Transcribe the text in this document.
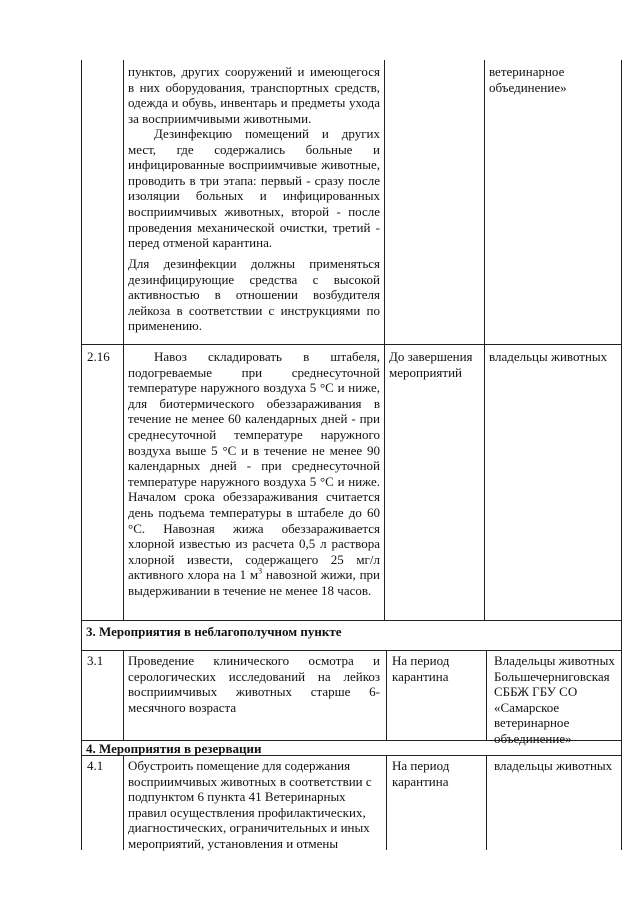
пунктов, других сооружений и имеющегося в них оборудования, транспортных средств, одежда и обувь, инвентарь и предметы ухода за восприимчивыми животными.
Дезинфекцию помещений и других мест, где содержались больные и инфицированные восприимчивые животные, проводить в три этапа: первый - сразу после изоляции больных и инфицированных восприимчивых животных, второй - после проведения механической очистки, третий - перед отменой карантина.
Для дезинфекции должны применяться дезинфицирующие средства с высокой активностью в отношении возбудителя лейкоза в соответствии с инструкциями по применению.
ветеринарное объединение»
2.16	Навоз складировать в штабеля, подогреваемые при среднесуточной температуре наружного воздуха 5 °С и ниже, для биотермического обеззараживания в течение не менее 60 календарных дней - при среднесуточной температуре наружного воздуха выше 5 °С и в течение не менее 90 календарных дней - при среднесуточной температуре наружного воздуха 5 °С и ниже. Началом срока обеззараживания считается день подъема температуры в штабеле до 60 °С. Навозная жижа обеззараживается хлорной известью из расчета 0,5 л раствора хлорной извести, содержащего 25 мг/л активного хлора на 1 $м^3$ навозной жижи, при выдерживании в течение не менее 18 часов.
До завершения мероприятий
владельцы животных
3. Мероприятия в неблагополучном пункте
3.1 Проведение клинического осмотра и серологических исследований на лейкоз восприимчивых животных старше 6-месячного возраста
На период карантина
Владельцы животных Большечерниговская СББЖ ГБУ СО «Самарское ветеринарное объединение»
4. Мероприятия в резервации
4.1 Обустроить помещение для содержания восприимчивых животных в соответствии с подпунктом 6 пункта 41 Ветеринарных правил осуществления профилактических, диагностических, ограничительных и иных мероприятий, установления и отмены
На период карантина
владельцы животных
